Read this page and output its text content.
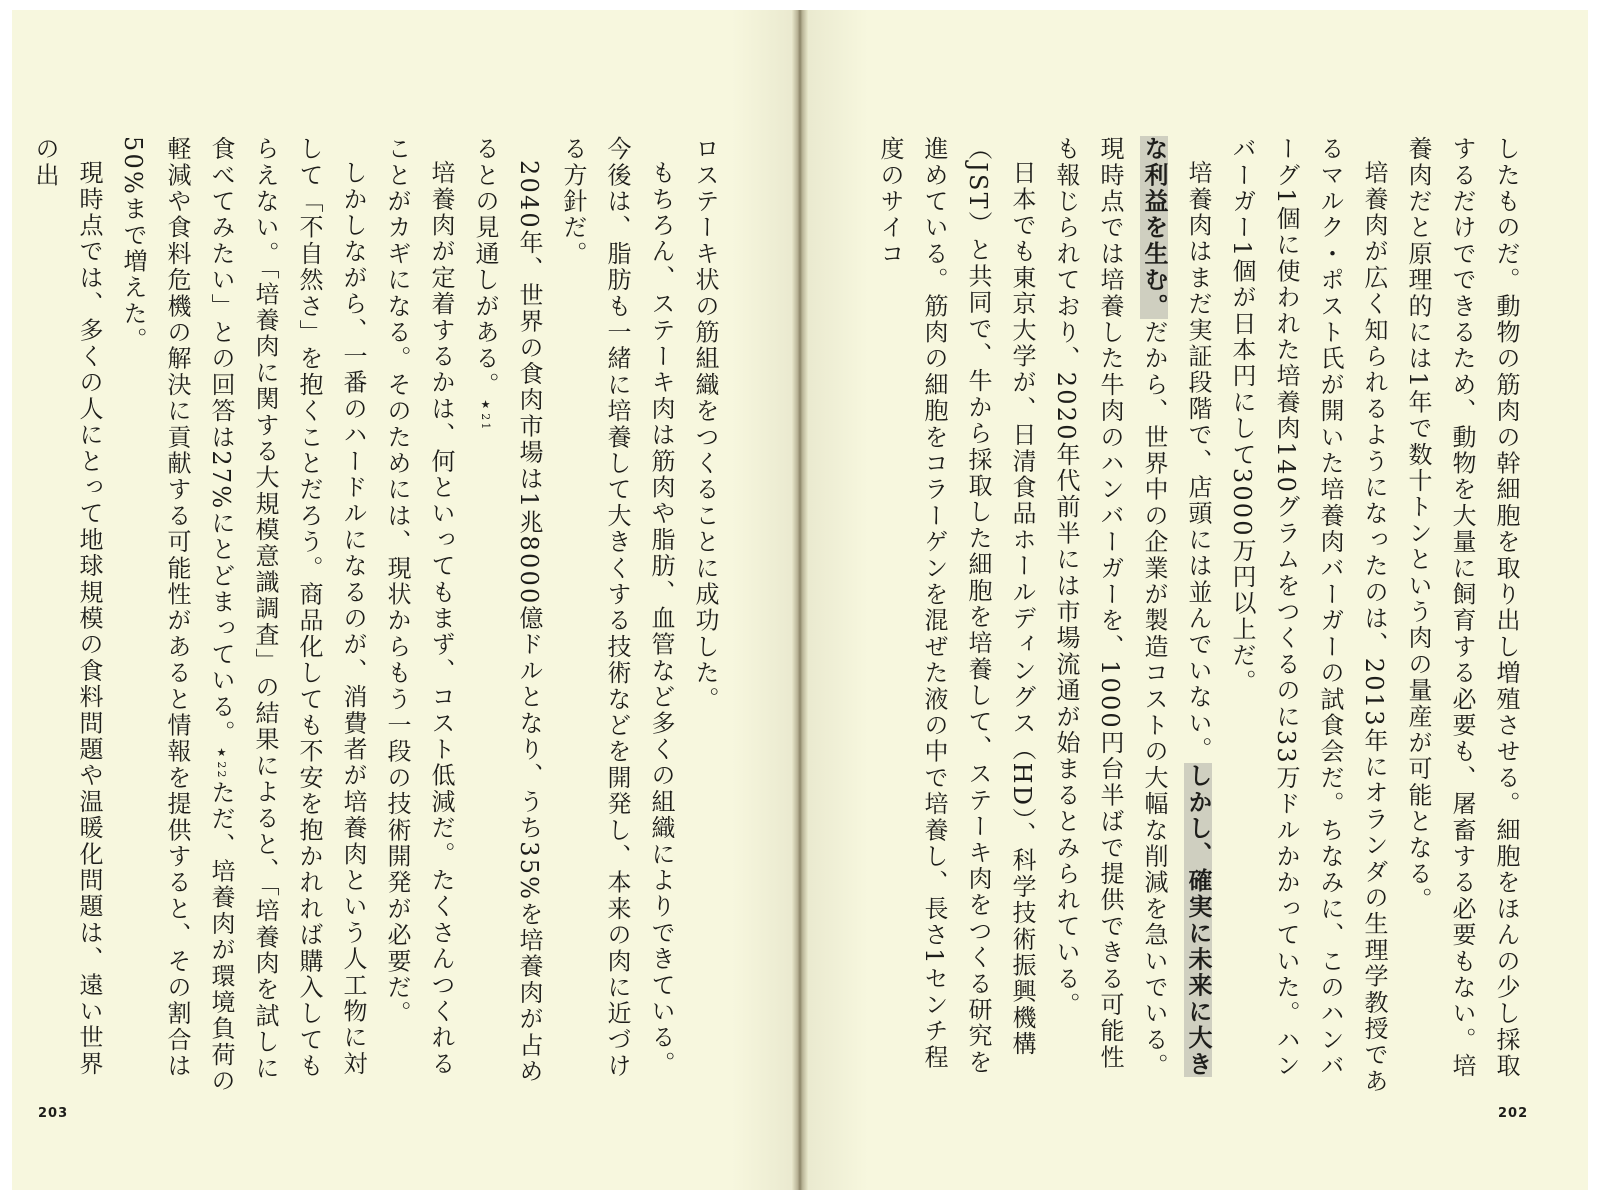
ロステーキ状の筋組織をつくることに成功した。

もちろん、ステーキ肉は筋肉や脂肪、血管など多くの組織によりできている。今後は、脂肪も一緒に培養して大きくする技術などを開発し、本来の肉に近づける方針だ。

2040年、世界の食肉市場は1兆8000億ドルとなり、うち35%を培養肉が占めるとの見通しがある。★21

培養肉が定着するかは、何といってもまず、コスト低減だ。たくさんつくれることがカギになる。そのためには、現状からもう一段の技術開発が必要だ。

しかしながら、一番のハードルになるのが、消費者が培養肉という人工物に対して「不自然さ」を抱くことだろう。商品化しても不安を抱かれれば購入してもらえない。「培養肉に関する大規模意識調査」の結果によると、「培養肉を試しに食べてみたい」との回答は27%にとどまっている。★22ただ、培養肉が環境負荷の軽減や食料危機の解決に貢献する可能性があると情報を提供すると、その割合は50%まで増えた。

現時点では、多くの人にとって地球規模の食料問題や温暖化問題は、遠い世界の出

203

したものだ。動物の筋肉の幹細胞を取り出し増殖させる。細胞をほんの少し採取するだけでできるため、動物を大量に飼育する必要も、屠畜する必要もない。培養肉だと原理的には1年で数十トンという肉の量産が可能となる。

培養肉が広く知られるようになったのは、2013年にオランダの生理学教授であるマルク・ポスト氏が開いた培養肉バーガーの試食会だ。ちなみに、このハンバーグ1個に使われた培養肉140グラムをつくるのに33万ドルかかっていた。ハンバーガー1個が日本円にして3000万円以上だ。

培養肉はまだ実証段階で、店頭には並んでいない。しかし、確実に未来に大きな利益を生む。だから、世界中の企業が製造コストの大幅な削減を急いでいる。現時点では培養した牛肉のハンバーガーを、1000円台半ばで提供できる可能性も報じられており、2020年代前半には市場流通が始まるとみられている。

日本でも東京大学が、日清食品ホールディングス（HD）、科学技術振興機構（JST）と共同で、牛から採取した細胞を培養して、ステーキ肉をつくる研究を進めている。筋肉の細胞をコラーゲンを混ぜた液の中で培養し、長さ1センチ程度のサイコ

202
